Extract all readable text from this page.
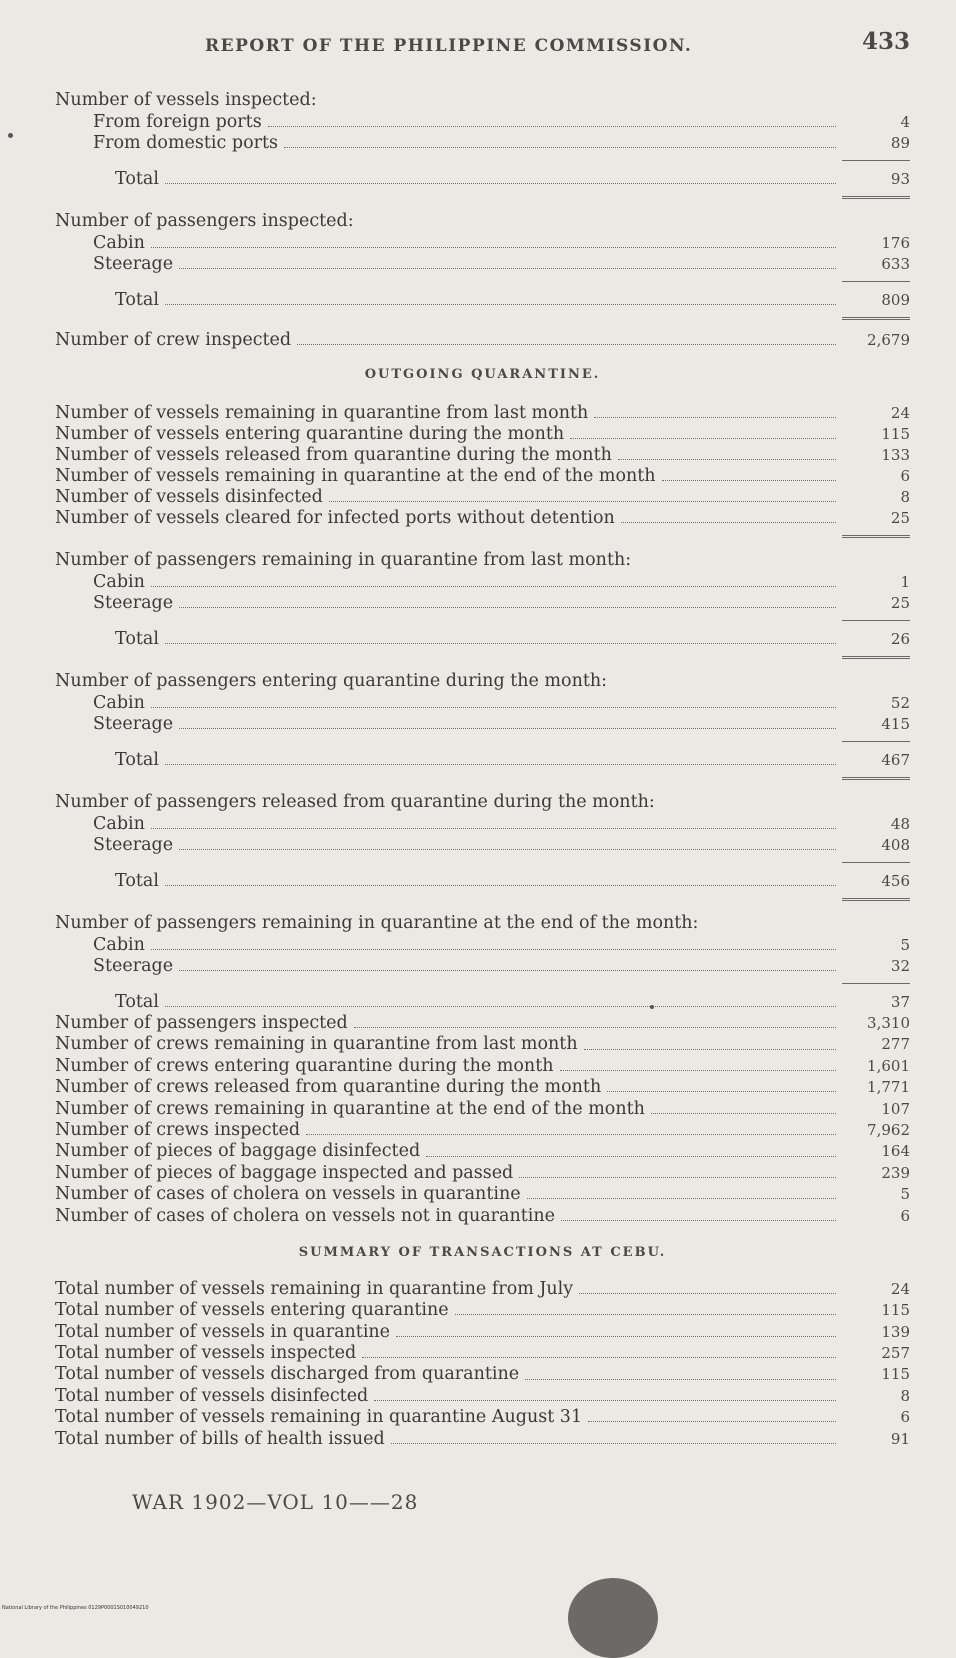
REPORT OF THE PHILIPPINE COMMISSION.	433
Number of vessels inspected:
From foreign ports	4
From domestic ports	89
Total	93
Number of passengers inspected:
Cabin	176
Steerage	633
Total	809
Number of crew inspected	2,679
OUTGOING QUARANTINE.
Number of vessels remaining in quarantine from last month	24
Number of vessels entering quarantine during the month	115
Number of vessels released from quarantine during the month	133
Number of vessels remaining in quarantine at the end of the month	6
Number of vessels disinfected	8
Number of vessels cleared for infected ports without detention	25
Number of passengers remaining in quarantine from last month:
Cabin	1
Steerage	25
Total	26
Number of passengers entering quarantine during the month:
Cabin	52
Steerage	415
Total	467
Number of passengers released from quarantine during the month:
Cabin	48
Steerage	408
Total	456
Number of passengers remaining in quarantine at the end of the month:
Cabin	5
Steerage	32
Total	37
Number of passengers inspected	3,310
Number of crews remaining in quarantine from last month	277
Number of crews entering quarantine during the month	1,601
Number of crews released from quarantine during the month	1,771
Number of crews remaining in quarantine at the end of the month	107
Number of crews inspected	7,962
Number of pieces of baggage disinfected	164
Number of pieces of baggage inspected and passed	239
Number of cases of cholera on vessels in quarantine	5
Number of cases of cholera on vessels not in quarantine	6
SUMMARY OF TRANSACTIONS AT CEBU.
Total number of vessels remaining in quarantine from July	24
Total number of vessels entering quarantine	115
Total number of vessels in quarantine	139
Total number of vessels inspected	257
Total number of vessels discharged from quarantine	115
Total number of vessels disinfected	8
Total number of vessels remaining in quarantine August 31	6
Total number of bills of health issued	91
WAR 1902—VOL 10——28
National Library of the Philippines 0129P0001S010049210
